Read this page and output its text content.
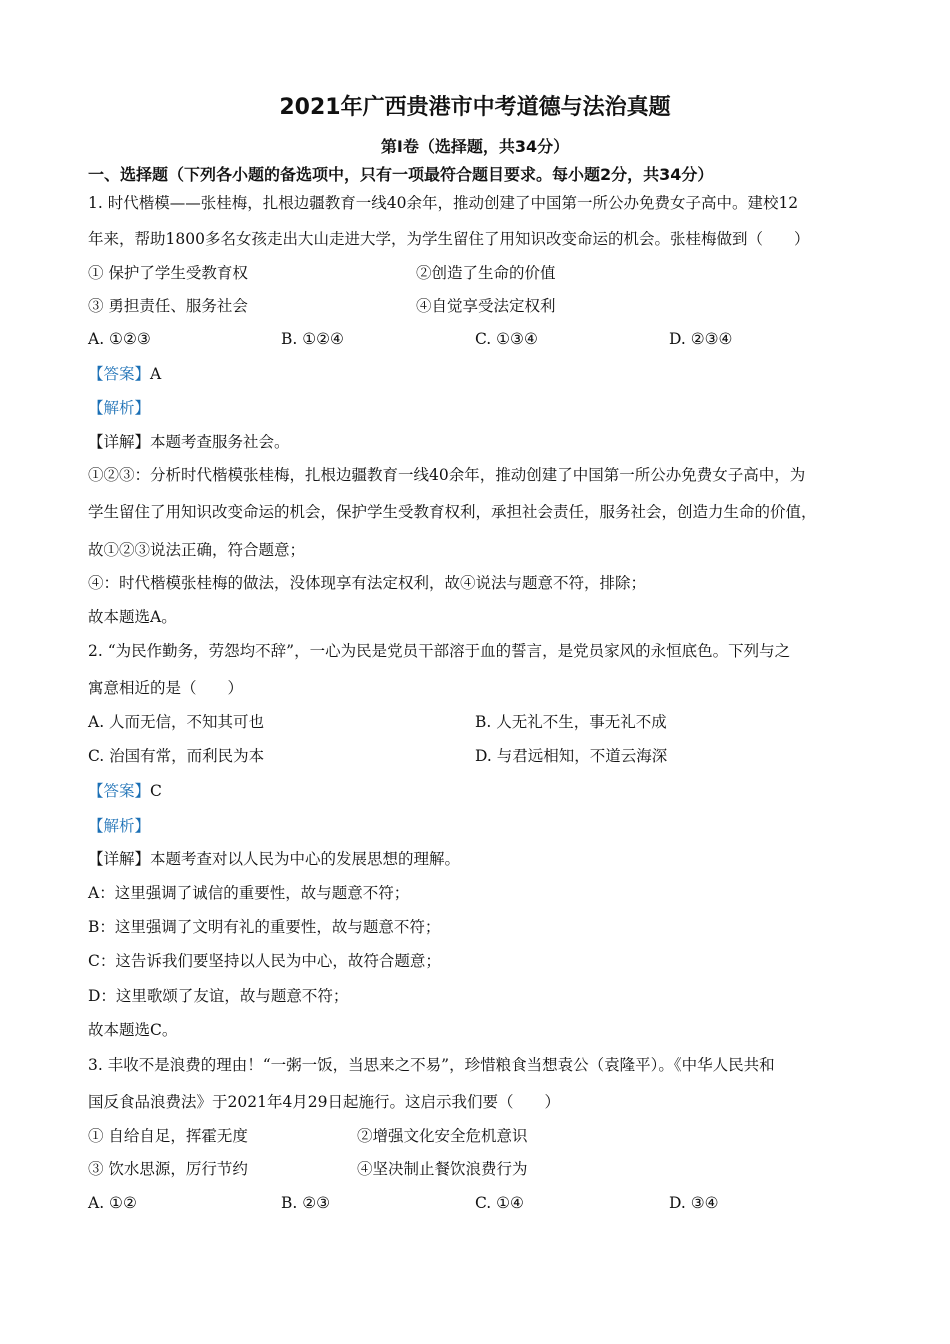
2021年广西贵港市中考道德与法治真题
第Ⅰ卷（选择题，共34分）
一、选择题（下列各小题的备选项中，只有一项最符合题目要求。每小题2分，共34分）
1. 时代楷模——张桂梅，扎根边疆教育一线40余年，推动创建了中国第一所公办免费女子高中。建校12
年来，帮助1800多名女孩走出大山走进大学，为学生留住了用知识改变命运的机会。张桂梅做到（　　）
① 保护了学生受教育权	②创造了生命的价值
③ 勇担责任、服务社会	④自觉享受法定权利
A. ①②③	B. ①②④	C. ①③④	D. ②③④
【答案】A
【解析】
【详解】本题考查服务社会。
①②③：分析时代楷模张桂梅，扎根边疆教育一线40余年，推动创建了中国第一所公办免费女子高中，为
学生留住了用知识改变命运的机会，保护学生受教育权利，承担社会责任，服务社会，创造力生命的价值，
故①②③说法正确，符合题意；
④：时代楷模张桂梅的做法，没体现享有法定权利，故④说法与题意不符，排除；
故本题选A。
2. “为民作勤务，劳怨均不辞”，一心为民是党员干部溶于血的誓言，是党员家风的永恒底色。下列与之
寓意相近的是（　　）
A. 人而无信，不知其可也	B. 人无礼不生，事无礼不成
C. 治国有常，而利民为本	D. 与君远相知，不道云海深
【答案】C
【解析】
【详解】本题考查对以人民为中心的发展思想的理解。
A：这里强调了诚信的重要性，故与题意不符；
B：这里强调了文明有礼的重要性，故与题意不符；
C：这告诉我们要坚持以人民为中心，故符合题意；
D：这里歌颂了友谊，故与题意不符；
故本题选C。
3. 丰收不是浪费的理由！“一粥一饭，当思来之不易”，珍惜粮食当想袁公（袁隆平）。《中华人民共和
国反食品浪费法》于2021年4月29日起施行。这启示我们要（　　）
① 自给自足，挥霍无度	②增强文化安全危机意识
③ 饮水思源，厉行节约	④坚决制止餐饮浪费行为
A. ①②	B. ②③	C. ①④	D. ③④
